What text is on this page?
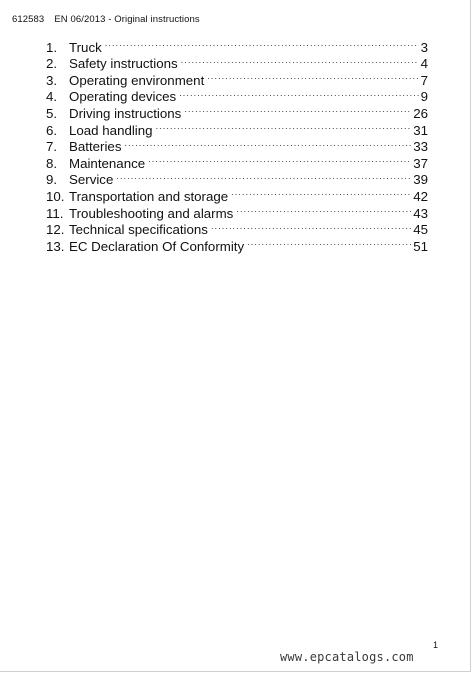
612583 EN 06/2013 - Original instructions
1. Truck .....	3
2. Safety instructions .....	4
3. Operating environment .....	7
4. Operating devices .....	9
5. Driving instructions .....	26
6. Load handling .....	31
7. Batteries .....	33
8. Maintenance .....	37
9. Service .....	39
10. Transportation and storage .....	42
11. Troubleshooting and alarms .....	43
12. Technical specifications .....	45
13. EC Declaration Of Conformity .....	51
1
www.epcatalogs.com
